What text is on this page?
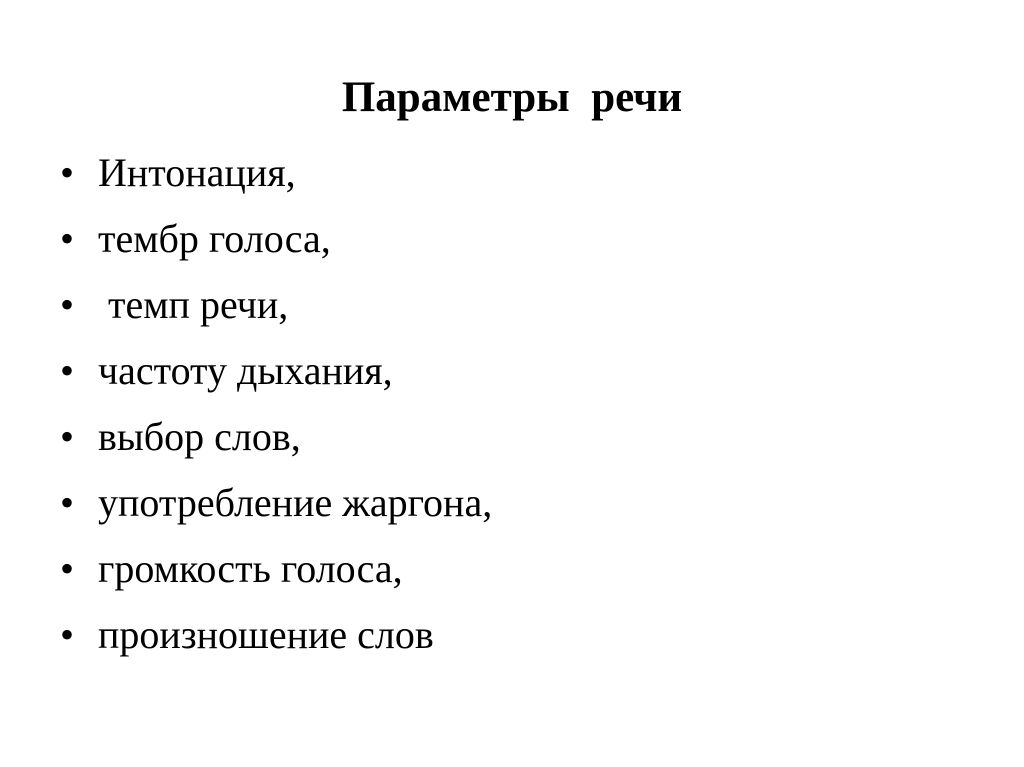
Параметры  речи
• Интонация,
• тембр голоса,
• темп речи,
• частоту дыхания,
• выбор слов,
• употребление жаргона,
• громкость голоса,
• произношение слов
